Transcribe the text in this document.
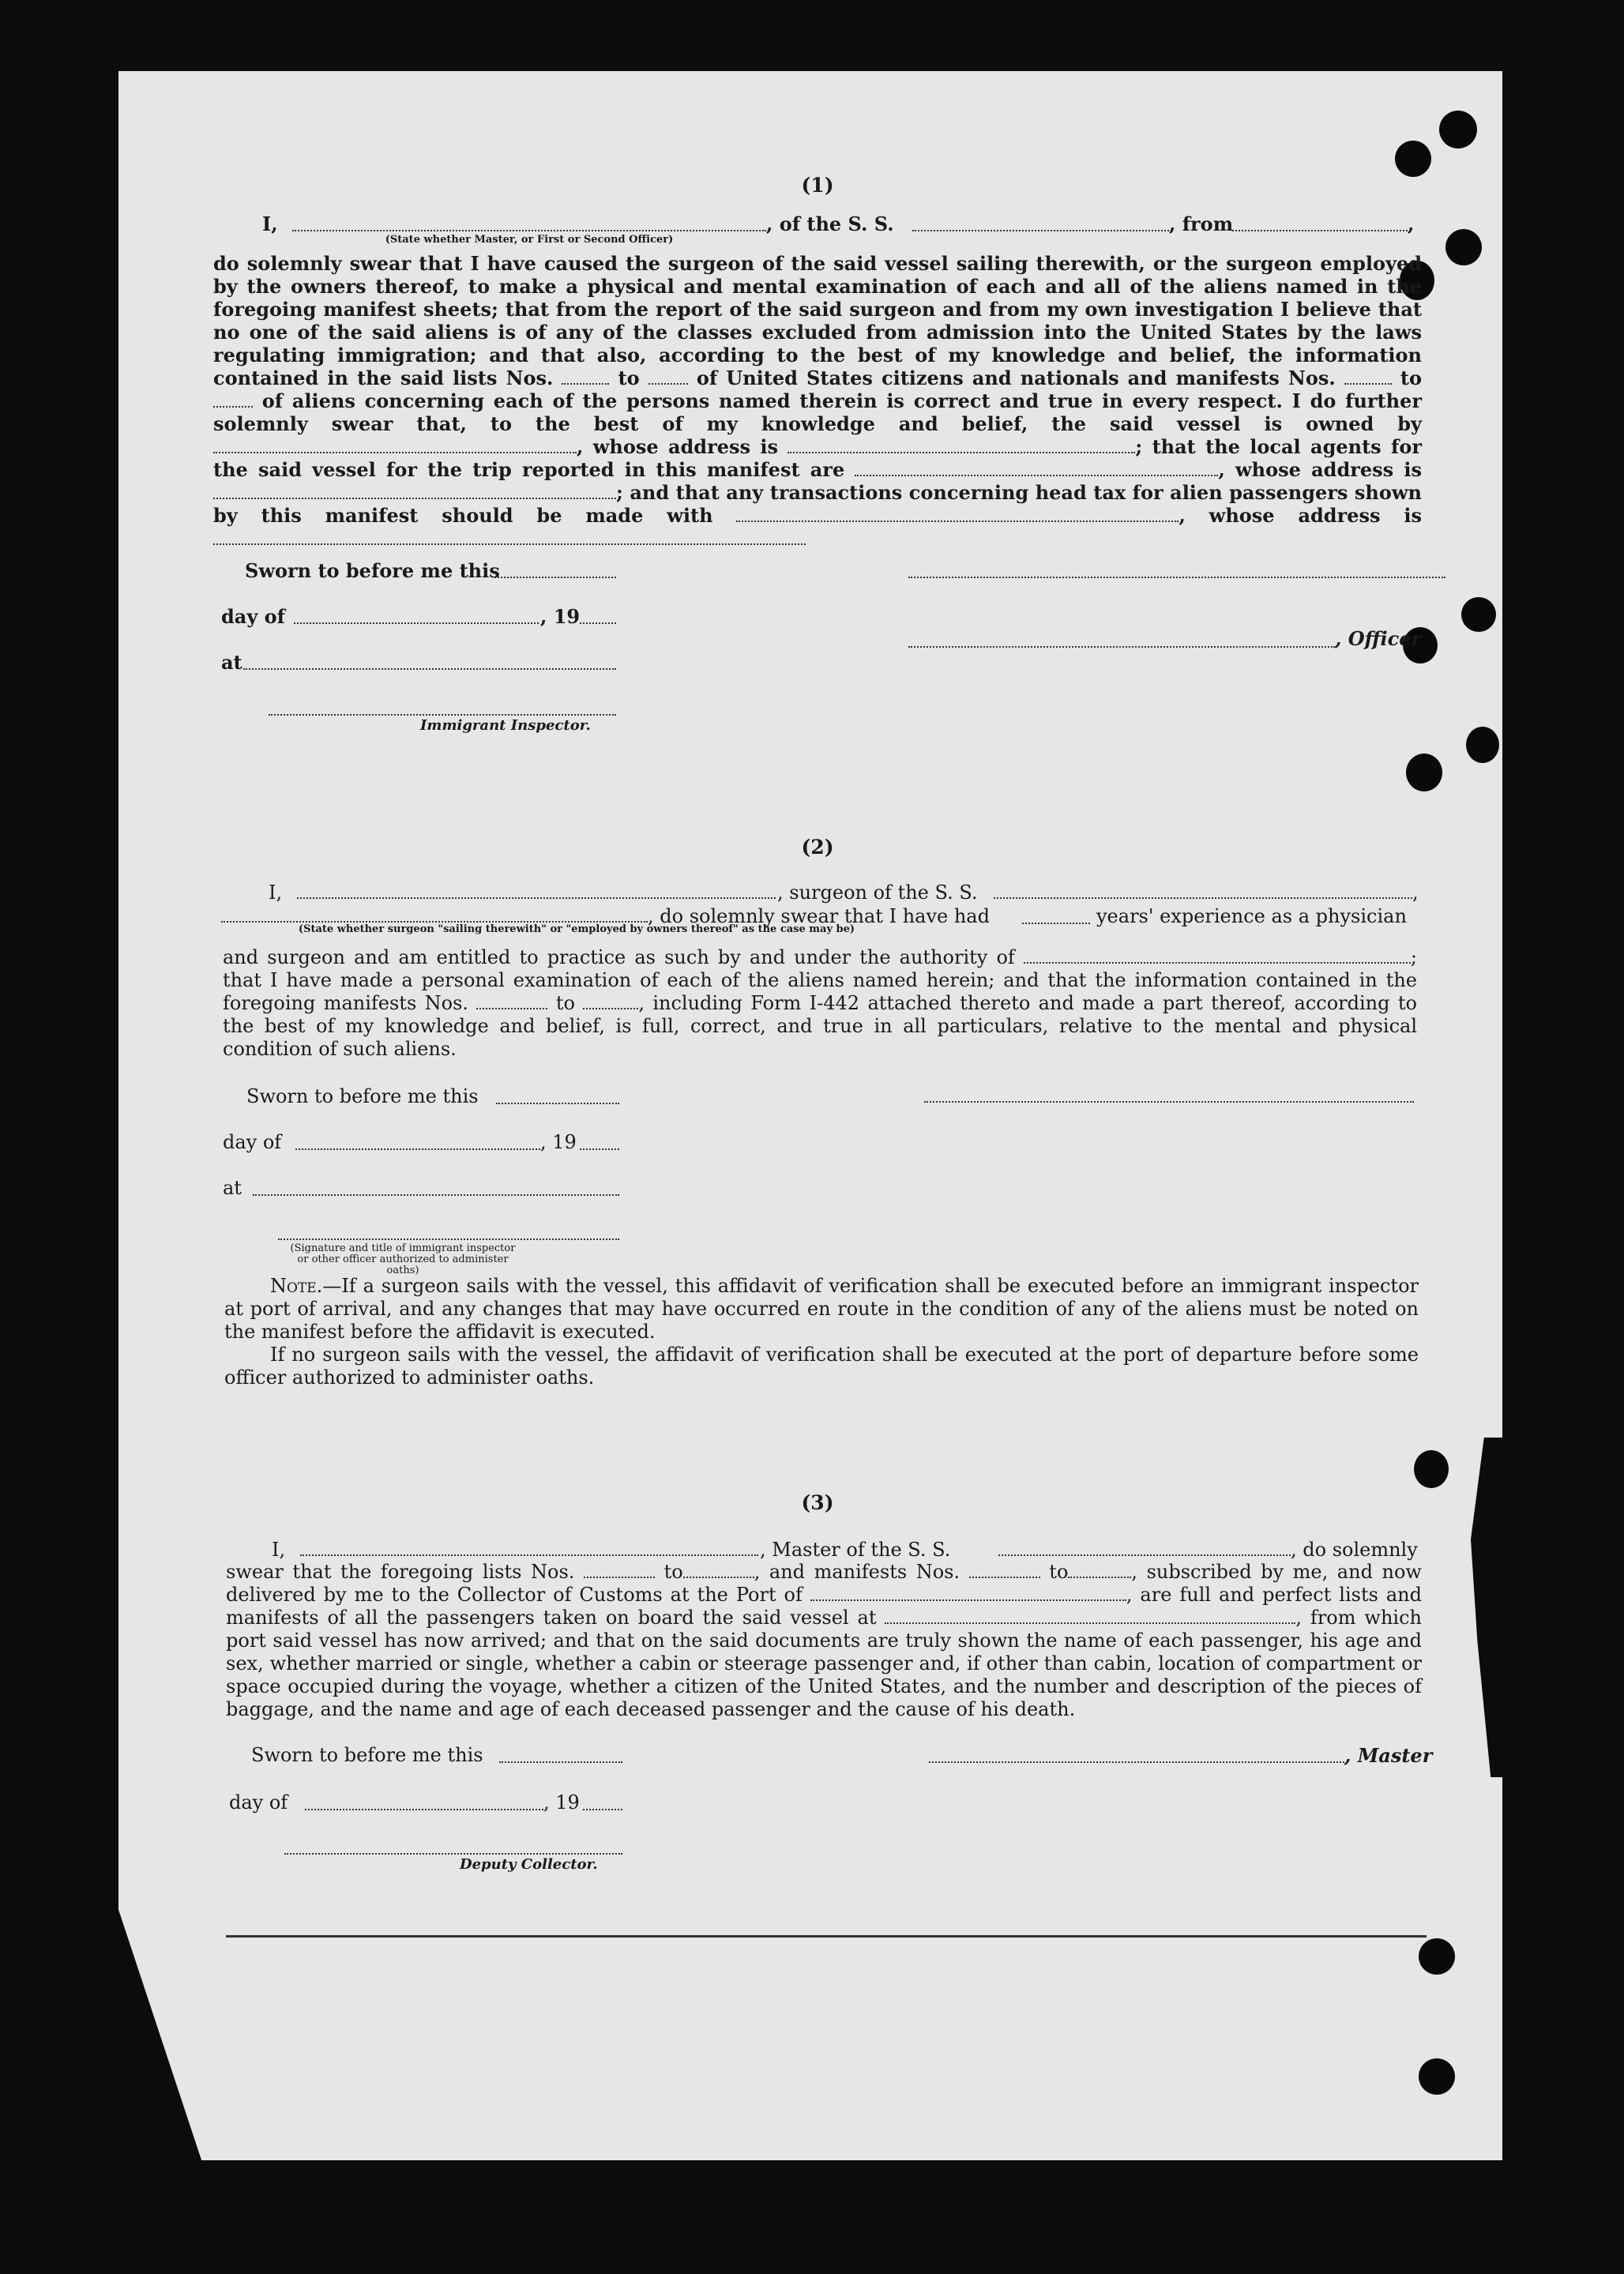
(1)
I,	, of the S. S.	, from	,
(State whether Master, or First or Second Officer)

do solemnly swear that I have caused the surgeon of the said vessel sailing therewith, or the surgeon employed by the owners thereof, to make a physical and mental examination of each and all of the aliens named in the foregoing manifest sheets; that from the report of the said surgeon and from my own investigation I believe that no one of the said aliens is of any of the classes excluded from admission into the United States by the laws regulating immigration; and that also, according to the best of my knowledge and belief, the information contained in the said lists Nos.	to	of United States citizens and nationals and manifests Nos.	to  of aliens concerning each of the persons named therein is correct and true in every respect. I do further solemnly swear that, to the best of my knowledge and belief, the said vessel is owned by , whose address is	; that the local agents for the said vessel for the trip reported in this manifest are	, whose address is ; and that any transactions concerning head tax for alien passengers shown by this manifest should be made with	, whose address is

Sworn to before me this
day of	, 19
, Officer
at
Immigrant Inspector.
(2)
I,	, surgeon of the S. S.	,
, do solemnly swear that I have had	years' experience as a physician
(State whether surgeon "sailing therewith" or "employed by owners thereof" as the case may be)

and surgeon and am entitled to practice as such by and under the authority of	; that I have made a personal examination of each of the aliens named herein; and that the information contained in the foregoing manifests Nos.	to	, including Form I-442 attached thereto and made a part thereof, according to the best of my knowledge and belief, is full, correct, and true in all particulars, relative to the mental and physical condition of such aliens.

Sworn to before me this
day of	, 19
at
(Signature and title of immigrant inspector or other officer authorized to administer oaths)

Note.—If a surgeon sails with the vessel, this affidavit of verification shall be executed before an immigrant inspector at port of arrival, and any changes that may have occurred en route in the condition of any of the aliens must be noted on the manifest before the affidavit is executed.

If no surgeon sails with the vessel, the affidavit of verification shall be executed at the port of departure before some officer authorized to administer oaths.

(3)
I,	, Master of the S. S.	, do solemnly

swear that the foregoing lists Nos.	to	, and manifests Nos.	to	, subscribed by me, and now delivered by me to the Collector of Customs at the Port of	, are full and perfect lists and manifests of all the passengers taken on board the said vessel at	, from which port said vessel has now arrived; and that on the said documents are truly shown the name of each passenger, his age and sex, whether married or single, whether a cabin or steerage passenger and, if other than cabin, location of compartment or space occupied during the voyage, whether a citizen of the United States, and the number and description of the pieces of baggage, and the name and age of each deceased passenger and the cause of his death.

Sworn to before me this	, Master
day of	, 19
Deputy Collector.
